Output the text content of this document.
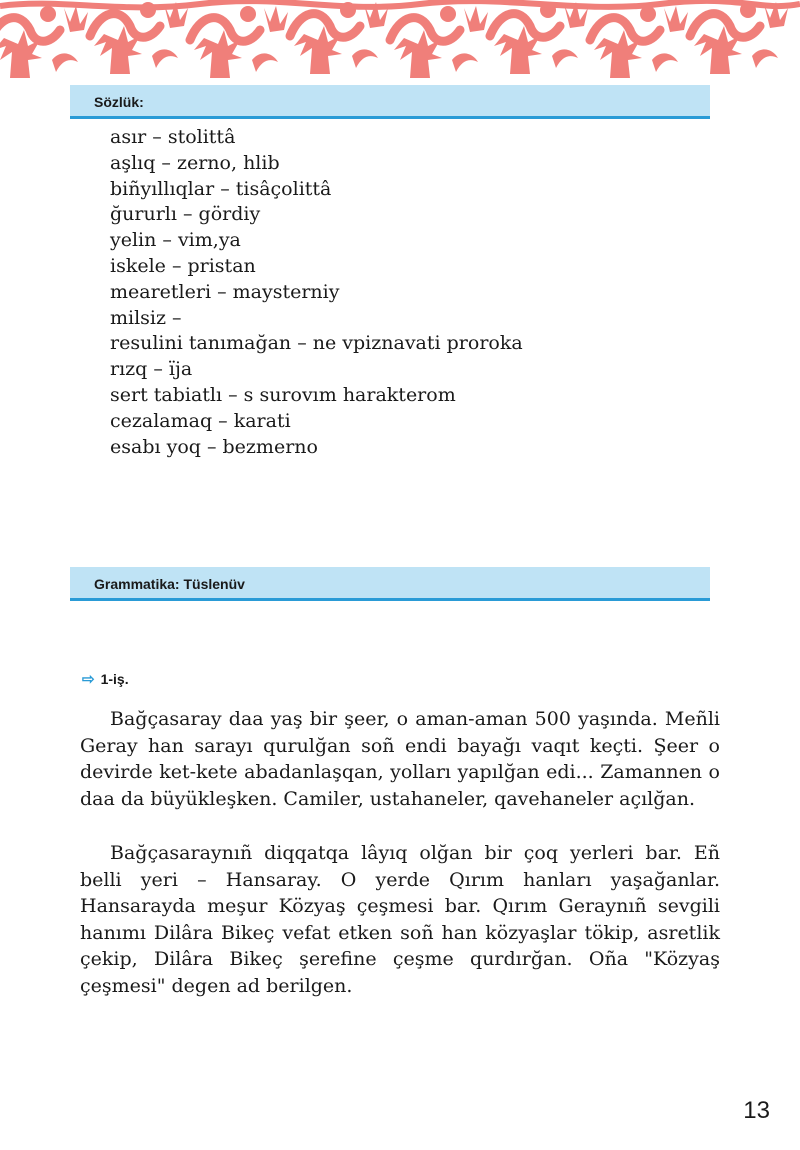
Sözlük:
asır – stolittâ
aşlıq – zerno, hlib
biñyıllıqlar – tisâçolittâ
ğururlı – gördiy
yelin – vim,ya
iskele – pristan
mearetleri – maysterniy
milsiz –
resulini tanımağan – ne vpiznavati proroka
rızq – ïja
sert tabiatlı – s surovım harakterom
cezalamaq – karati
esabı yoq – bezmerno
Grammatika: Tüslenüv
⇨ 1-iş.

Bağçasaray daa yaş bir şeer, o aman-aman 500 yaşında. Meñli Geray han sarayı qurulğan soñ endi bayağı vaqıt keçti. Şeer o devirde ket-kete abadanlaşqan, yolları yapılğan edi... Zamannen o daa da büyükleşken. Camiler, ustahaneler, qavehaneler açılğan.

Bağçasaraynıñ diqqatqa lâyıq olğan bir çoq yerleri bar. Eñ belli yeri – Hansaray. O yerde Qırım hanları yaşağanlar. Hansarayda meşur Közyaş çeşmesi bar. Qırım Geraynıñ sevgili hanımı Dilâra Bikeç vefat etken soñ han közyaşlar tökip, asretlik çekip, Dilâra Bikeç şerefine çeşme qurdırğan. Oña "Közyaş çeşmesi" degen ad berilgen.

13
